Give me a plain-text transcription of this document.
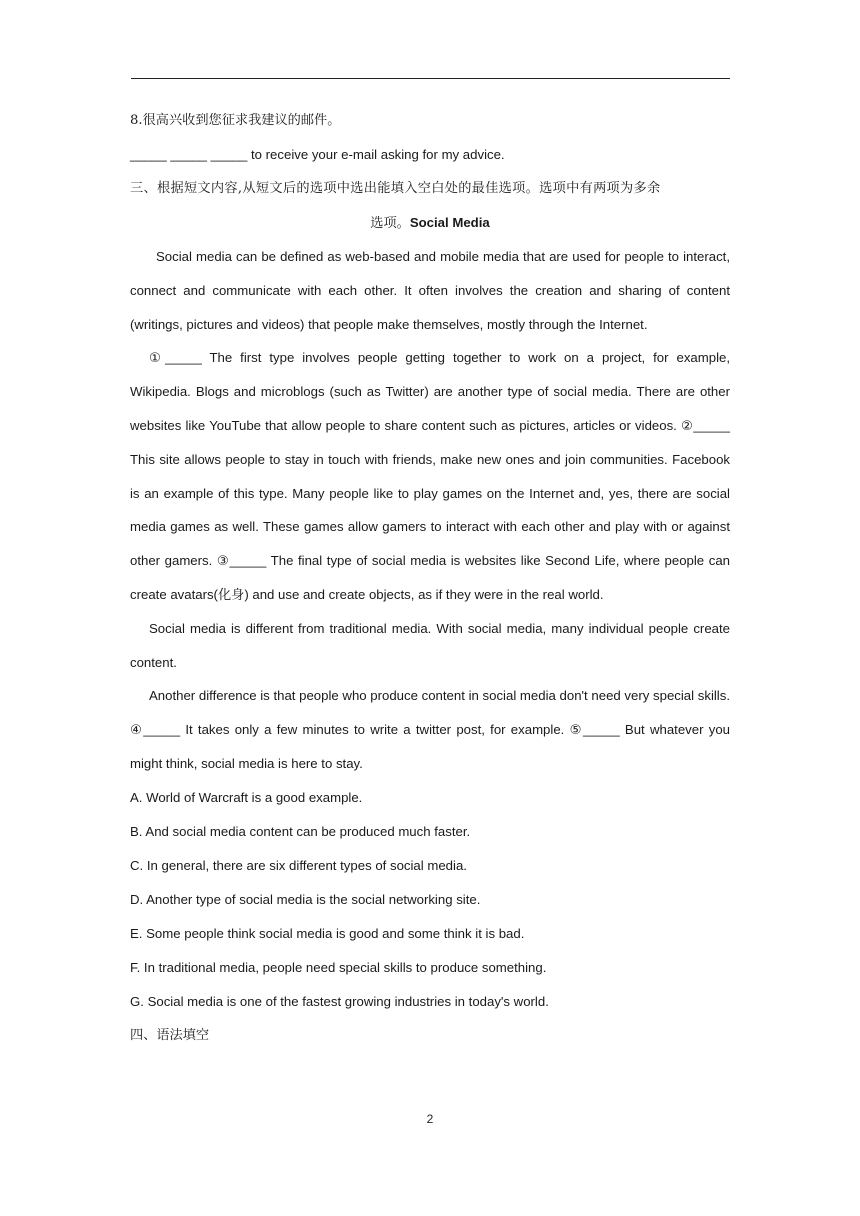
8.很高兴收到您征求我建议的邮件。
_____ _____ _____ to receive your e-mail asking for my advice.
三、根据短文内容,从短文后的选项中选出能填入空白处的最佳选项。选项中有两项为多余
选项。Social Media

Social media can be defined as web-based and mobile media that are used for people to interact, connect and communicate with each other. It often involves the creation and sharing of content (writings, pictures and videos) that people make themselves, mostly through the Internet.

①_____ The first type involves people getting together to work on a project, for example, Wikipedia. Blogs and microblogs (such as Twitter) are another type of social media. There are other websites like YouTube that allow people to share content such as pictures, articles or videos. ②_____ This site allows people to stay in touch with friends, make new ones and join communities. Facebook is an example of this type. Many people like to play games on the Internet and, yes, there are social media games as well. These games allow gamers to interact with each other and play with or against other gamers. ③_____ The final type of social media is websites like Second Life, where people can create avatars(化身) and use and create objects, as if they were in the real world.

Social media is different from traditional media. With social media, many individual people create content.

Another difference is that people who produce content in social media don't need very special skills. ④_____ It takes only a few minutes to write a twitter post, for example. ⑤_____ But whatever you might think, social media is here to stay.

A. World of Warcraft is a good example.
B. And social media content can be produced much faster.
C. In general, there are six different types of social media.
D. Another type of social media is the social networking site.
E. Some people think social media is good and some think it is bad.
F. In traditional media, people need special skills to produce something.
G. Social media is one of the fastest growing industries in today's world.
四、语法填空
2
